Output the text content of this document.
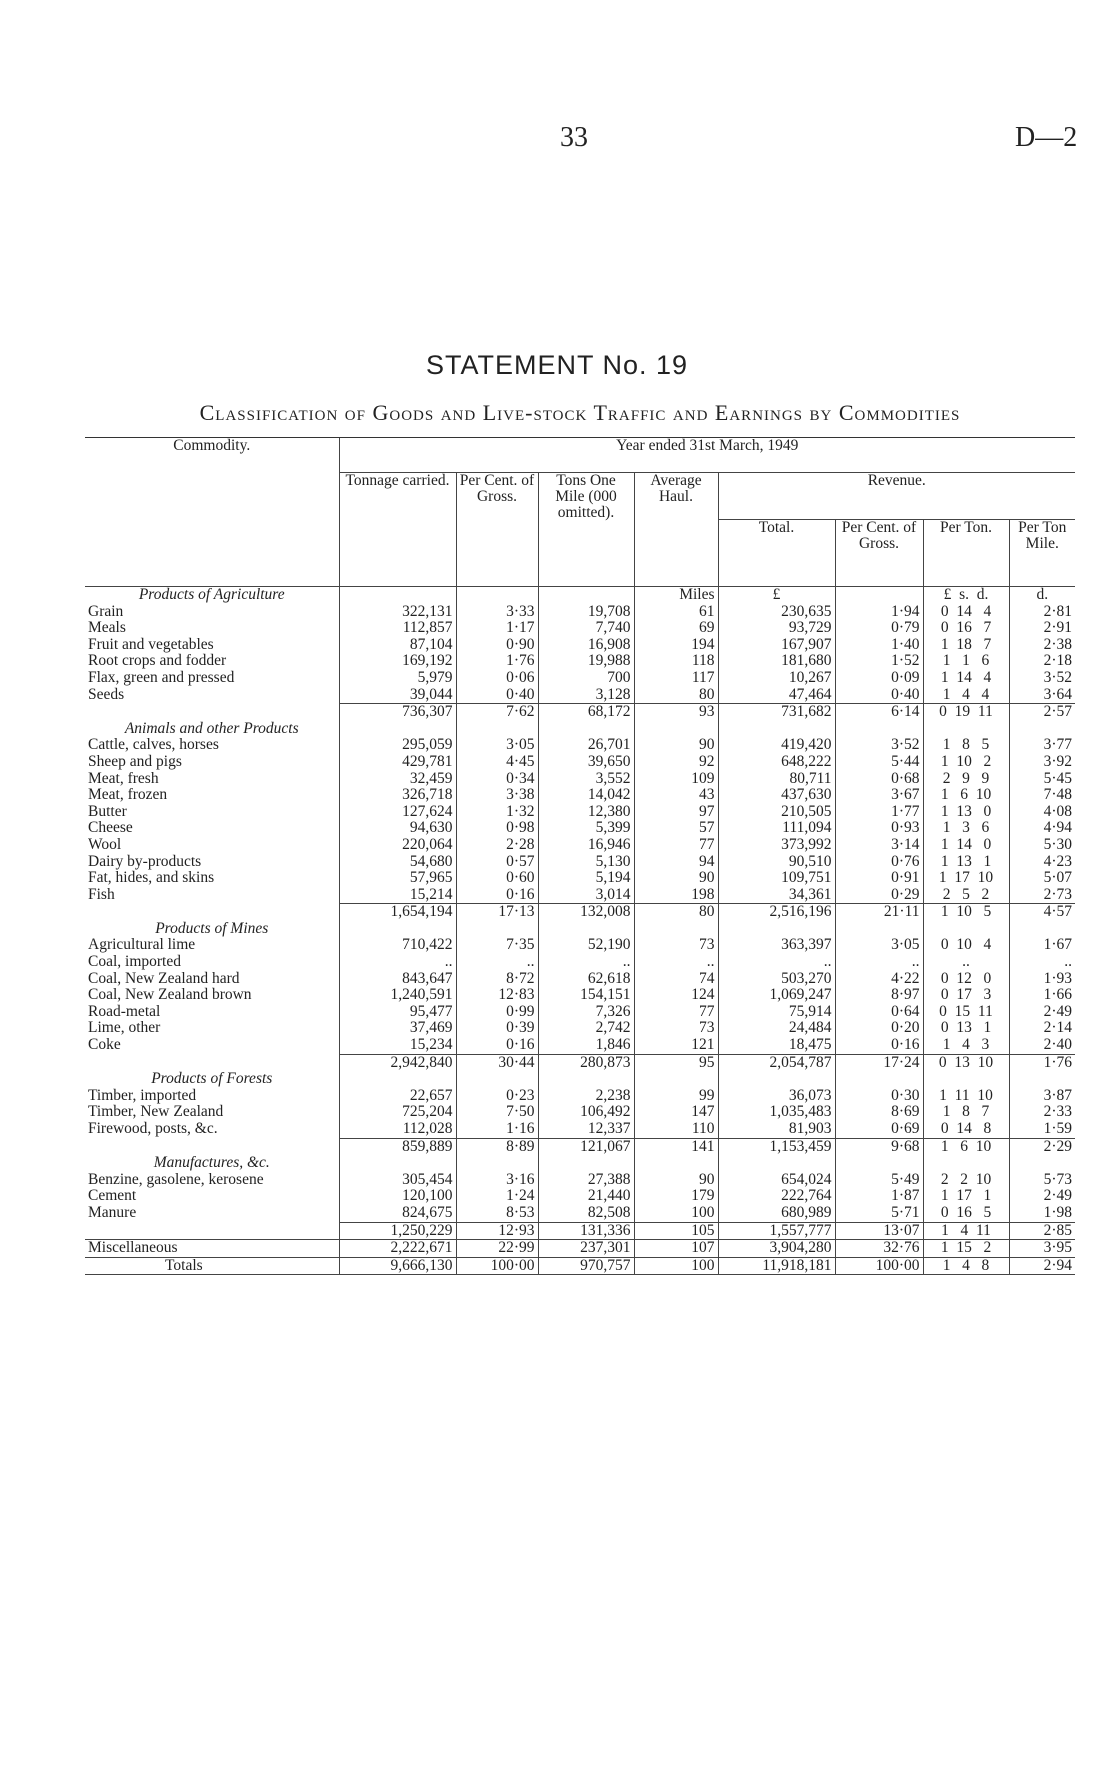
33	D—2
STATEMENT No. 19
Classification of Goods and Live-stock Traffic and Earnings by Commodities
Commodity.	Year ended 31st March, 1949							
	Tonnage carried.	Per Cent. of Gross.	Tons One Mile (000 omitted).	Average Haul.	Revenue.			
					Total.	Per Cent. of Gross.	Per Ton.	Per Ton Mile.
Products of Agriculture				Miles	£		£  s.  d.	d.
Grain	322,131	3·33	19,708	61	230,635	1·94	0  14   4	2·81
Meals	112,857	1·17	7,740	69	93,729	0·79	0  16   7	2·91
Fruit and vegetables	87,104	0·90	16,908	194	167,907	1·40	1  18   7	2·38
Root crops and fodder	169,192	1·76	19,988	118	181,680	1·52	1   1   6	2·18
Flax, green and pressed	5,979	0·06	700	117	10,267	0·09	1  14   4	3·52
Seeds	39,044	0·40	3,128	80	47,464	0·40	1   4   4	3·64
	736,307	7·62	68,172	93	731,682	6·14	0  19  11	2·57
Animals and other Products								
Cattle, calves, horses	295,059	3·05	26,701	90	419,420	3·52	1   8   5	3·77
Sheep and pigs	429,781	4·45	39,650	92	648,222	5·44	1  10   2	3·92
Meat, fresh	32,459	0·34	3,552	109	80,711	0·68	2   9   9	5·45
Meat, frozen	326,718	3·38	14,042	43	437,630	3·67	1   6  10	7·48
Butter	127,624	1·32	12,380	97	210,505	1·77	1  13   0	4·08
Cheese	94,630	0·98	5,399	57	111,094	0·93	1   3   6	4·94
Wool	220,064	2·28	16,946	77	373,992	3·14	1  14   0	5·30
Dairy by-products	54,680	0·57	5,130	94	90,510	0·76	1  13   1	4·23
Fat, hides, and skins	57,965	0·60	5,194	90	109,751	0·91	1  17  10	5·07
Fish	15,214	0·16	3,014	198	34,361	0·29	2   5   2	2·73
	1,654,194	17·13	132,008	80	2,516,196	21·11	1  10   5	4·57
Products of Mines								
Agricultural lime	710,422	7·35	52,190	73	363,397	3·05	0  10   4	1·67
Coal, imported	..	..	..	..	..	..	..	..
Coal, New Zealand hard	843,647	8·72	62,618	74	503,270	4·22	0  12   0	1·93
Coal, New Zealand brown	1,240,591	12·83	154,151	124	1,069,247	8·97	0  17   3	1·66
Road-metal	95,477	0·99	7,326	77	75,914	0·64	0  15  11	2·49
Lime, other	37,469	0·39	2,742	73	24,484	0·20	0  13   1	2·14
Coke	15,234	0·16	1,846	121	18,475	0·16	1   4   3	2·40
	2,942,840	30·44	280,873	95	2,054,787	17·24	0  13  10	1·76
Products of Forests								
Timber, imported	22,657	0·23	2,238	99	36,073	0·30	1  11  10	3·87
Timber, New Zealand	725,204	7·50	106,492	147	1,035,483	8·69	1   8   7	2·33
Firewood, posts, &c.	112,028	1·16	12,337	110	81,903	0·69	0  14   8	1·59
	859,889	8·89	121,067	141	1,153,459	9·68	1   6  10	2·29
Manufactures, &c.								
Benzine, gasolene, kerosene	305,454	3·16	27,388	90	654,024	5·49	2   2  10	5·73
Cement	120,100	1·24	21,440	179	222,764	1·87	1  17   1	2·49
Manure	824,675	8·53	82,508	100	680,989	5·71	0  16   5	1·98
	1,250,229	12·93	131,336	105	1,557,777	13·07	1   4  11	2·85
Miscellaneous	2,222,671	22·99	237,301	107	3,904,280	32·76	1  15   2	3·95
Totals	9,666,130	100·00	970,757	100	11,918,181	100·00	1   4   8	2·94
